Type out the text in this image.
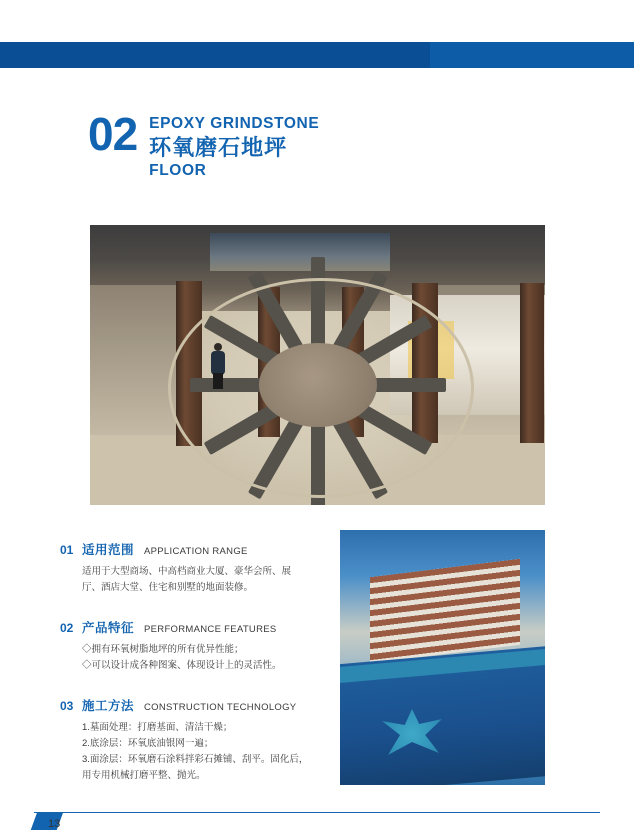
02 EPOXY GRINDSTONE
环氧磨石地坪
FLOOR
01 适用范围 APPLICATION RANGE
适用于大型商场、中高档商业大厦、豪华会所、展
厅、酒店大堂、住宅和别墅的地面装修。
02 产品特征 PERFORMANCE FEATURES
◇拥有环氧树脂地坪的所有优异性能；
◇可以设计成各种图案、体现设计上的灵活性。
03 施工方法 CONSTRUCTION TECHNOLOGY
1.墓面处理：打磨基面、清洁干燥；
2.底涂层：环氧底油银网一遍；
3.面涂层：环氧磨石涂料拌彩石摊铺、刮平。固化后，
用专用机械打磨平整、抛光。
13
